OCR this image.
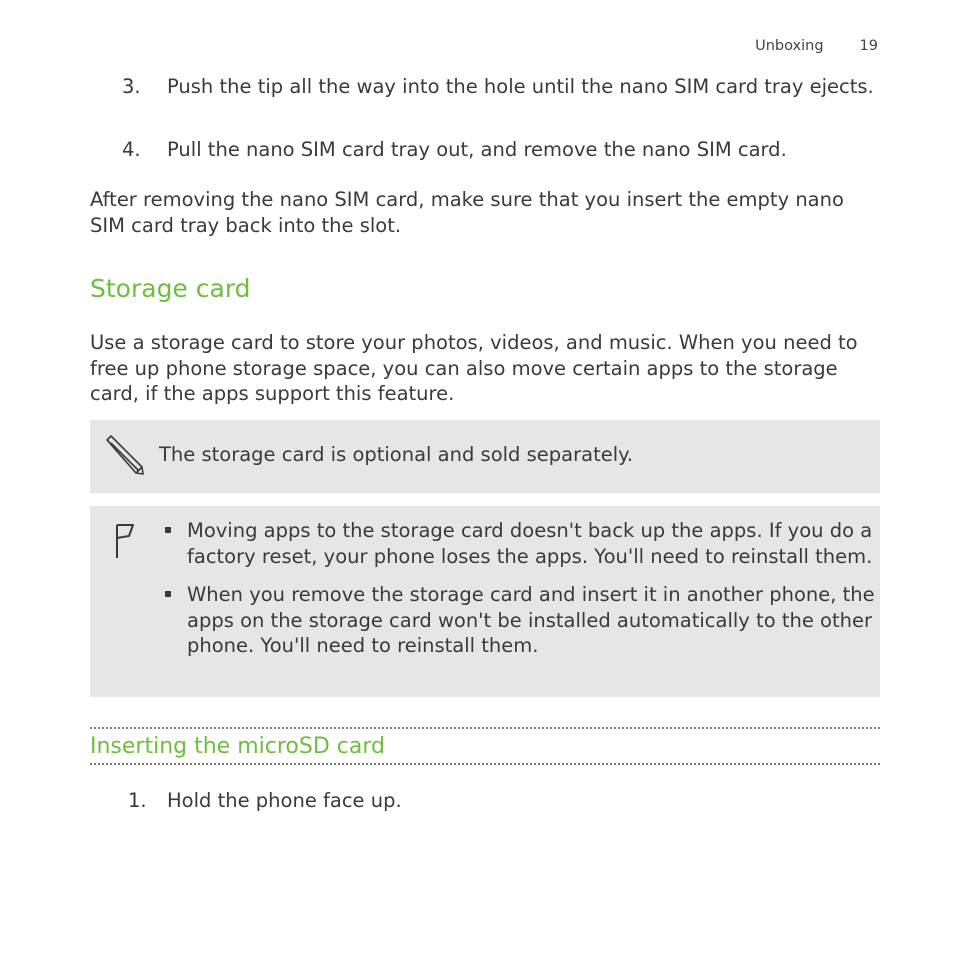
Unboxing 19
3.	Push the tip all the way into the hole until the nano SIM card tray ejects.
4.	Pull the nano SIM card tray out, and remove the nano SIM card.

After removing the nano SIM card, make sure that you insert the empty nano SIM card tray back into the slot.

Storage card

Use a storage card to store your photos, videos, and music. When you need to free up phone storage space, you can also move certain apps to the storage card, if the apps support this feature.

The storage card is optional and sold separately.
Moving apps to the storage card doesn't back up the apps. If you do a factory reset, your phone loses the apps. You'll need to reinstall them.
When you remove the storage card and insert it in another phone, the apps on the storage card won't be installed automatically to the other phone. You'll need to reinstall them.
Inserting the microSD card
1.	Hold the phone face up.
